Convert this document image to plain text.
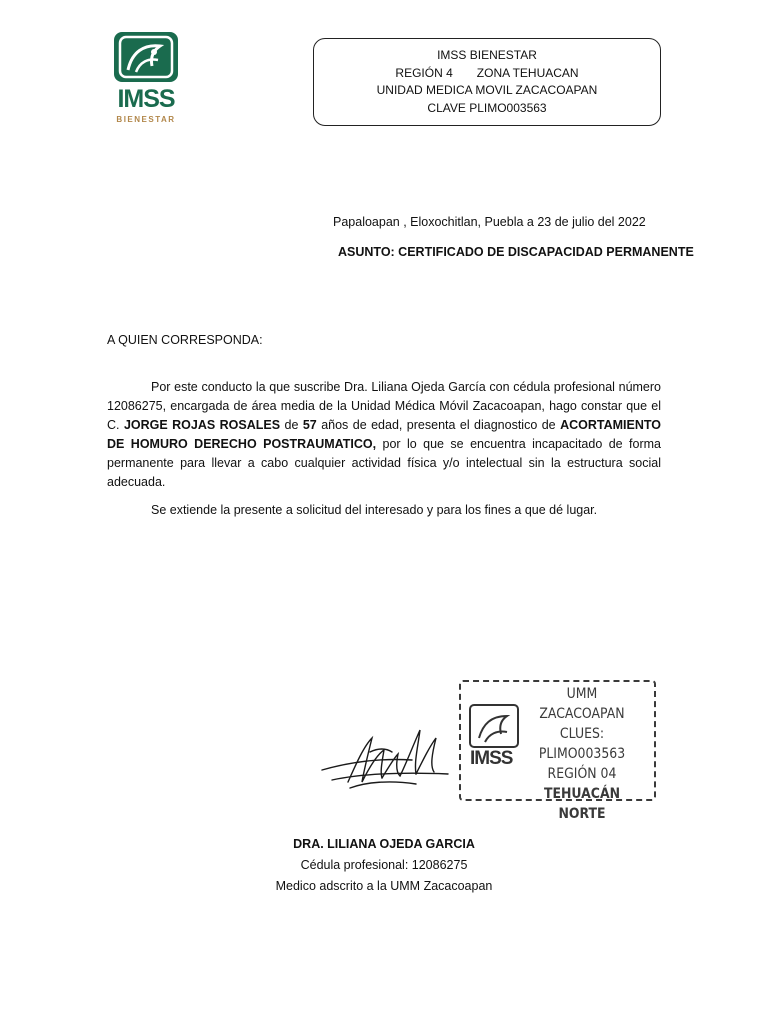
IMSS
BIENESTAR
IMSS BIENESTAR
REGIÓN 4 ZONA TEHUACAN
UNIDAD MEDICA MOVIL ZACACOAPAN
CLAVE PLIMO003563
Papaloapan , Eloxochitlan, Puebla a 23 de julio del 2022
ASUNTO: CERTIFICADO DE DISCAPACIDAD PERMANENTE
A QUIEN CORRESPONDA:

Por este conducto la que suscribe Dra. Liliana Ojeda García con cédula profesional número 12086275, encargada de área media de la Unidad Médica Móvil Zacacoapan, hago constar que el C. JORGE ROJAS ROSALES de 57 años de edad, presenta el diagnostico de ACORTAMIENTO DE HOMURO DERECHO POSTRAUMATICO, por lo que se encuentra incapacitado de forma permanente para llevar a cabo cualquier actividad física y/o intelectual sin la estructura social adecuada.

Se extiende la presente a solicitud del interesado y para los fines a que dé lugar.

IMSS
UMM ZACACOAPAN
CLUES:
PLIMO003563
REGIÓN 04
TEHUACÁN NORTE
DRA. LILIANA OJEDA GARCIA
Cédula profesional: 12086275
Medico adscrito a la UMM Zacacoapan
